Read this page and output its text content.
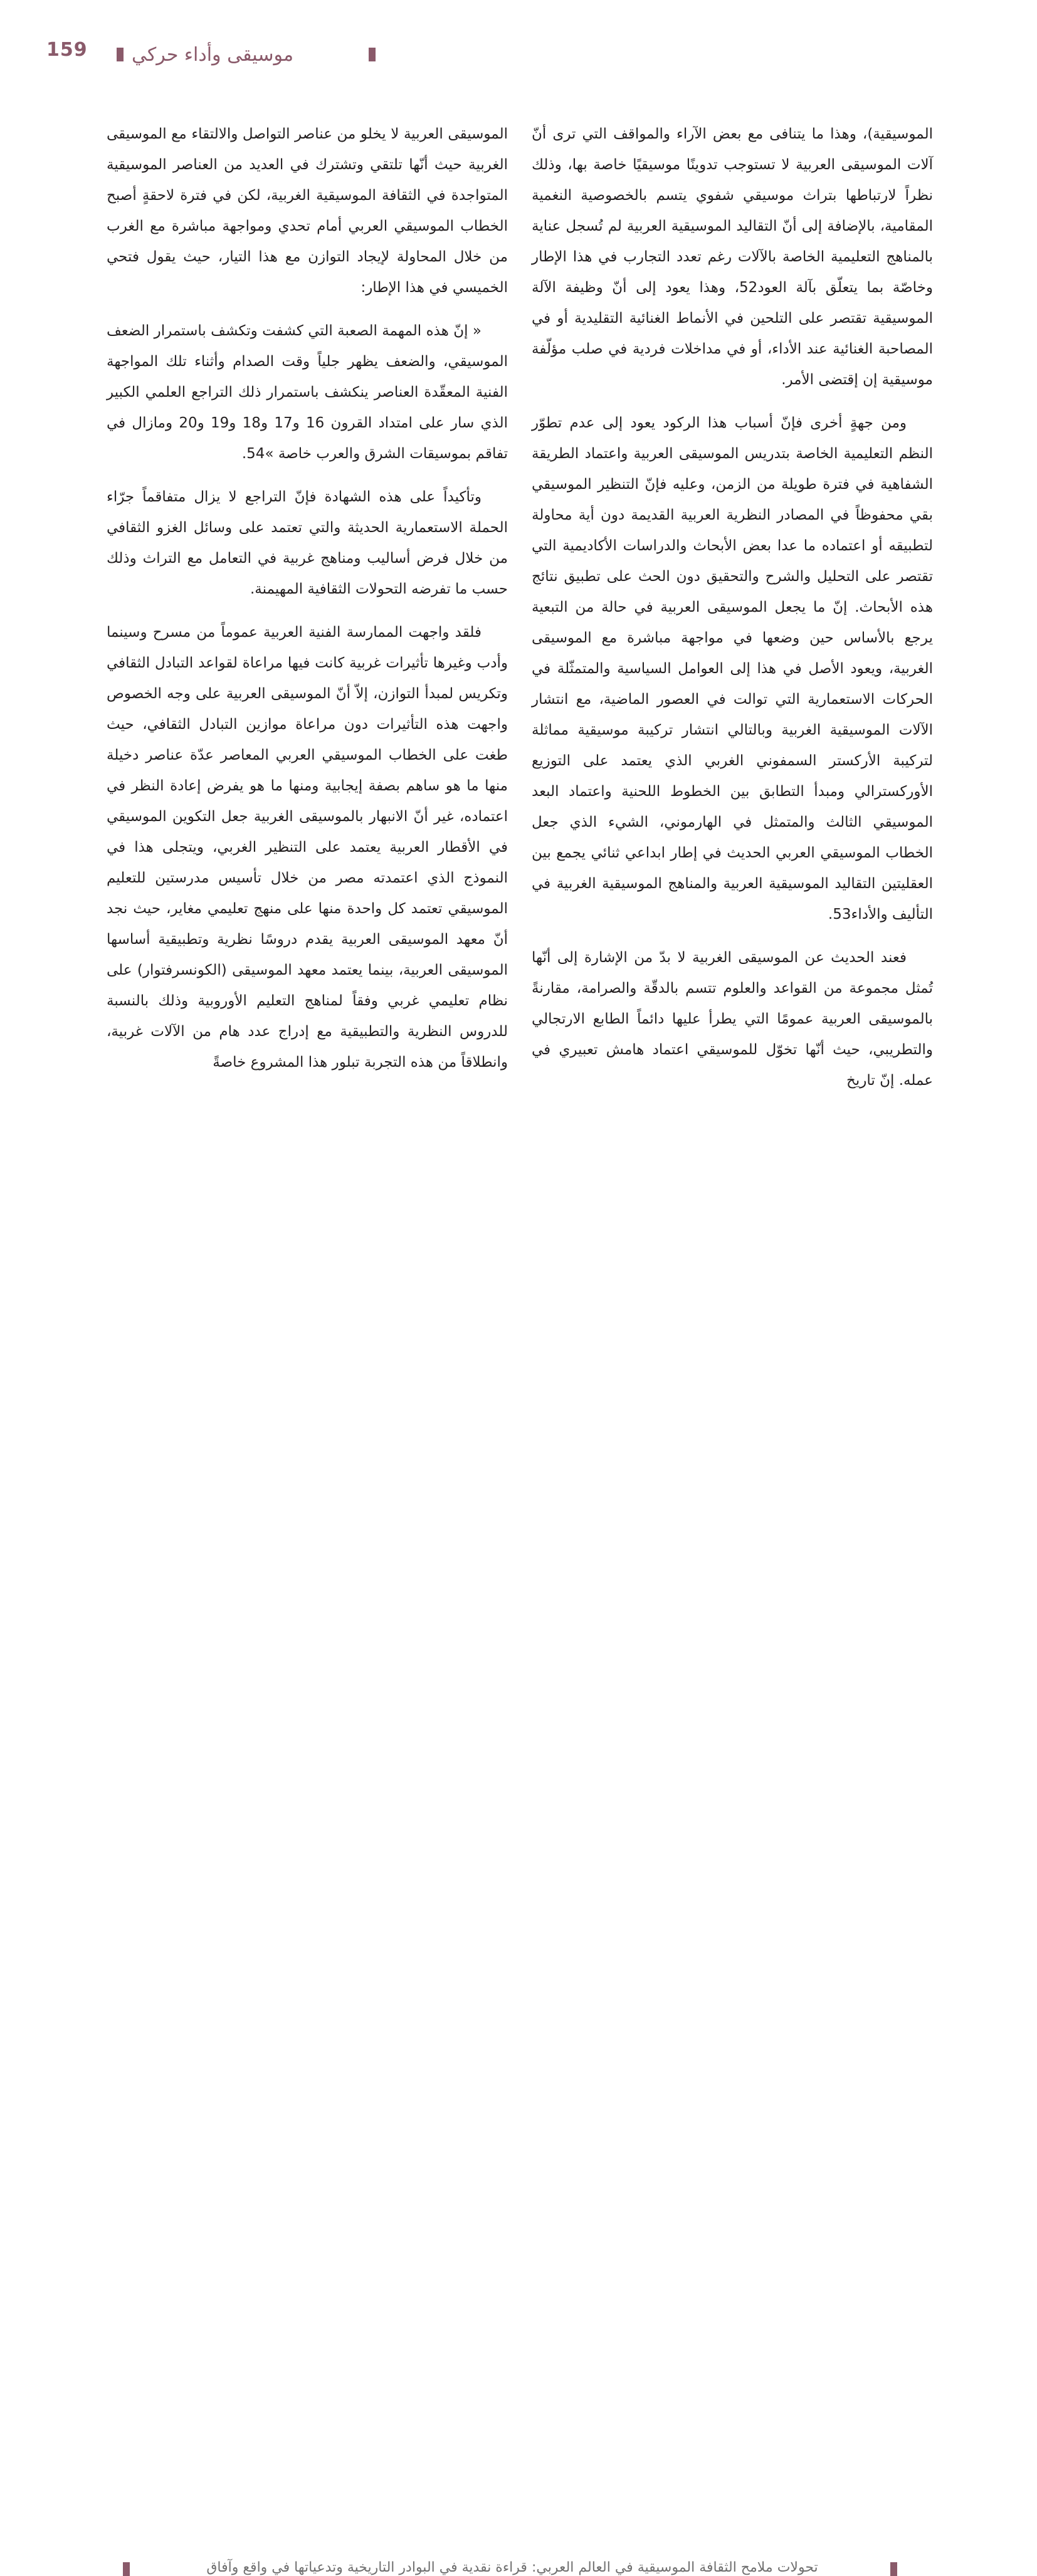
159 موسيقى وأداء حركي

الموسيقية)، وهذا ما يتنافى مع بعض الآراء والمواقف التي ترى أنّ آلات الموسيقى العربية لا تستوجب تدوينًا موسيقيًا خاصة بها، وذلك نظراً لارتباطها بتراث موسيقي شفوي يتسم بالخصوصية النغمية المقامية، بالإضافة إلى أنّ التقاليد الموسيقية العربية لم تُسجل عناية بالمناهج التعليمية الخاصة بالآلات رغم تعدد التجارب في هذا الإطار وخاصّة بما يتعلّق بآلة العود52، وهذا يعود إلى أنّ وظيفة الآلة الموسيقية تقتصر على التلحين في الأنماط الغنائية التقليدية أو في المصاحبة الغنائية عند الأداء، أو في مداخلات فردية في صلب مؤلّفة موسيقية إن إقتضى الأمر.

ومن جهةٍ أخرى فإنّ أسباب هذا الركود يعود إلى عدم تطوّر النظم التعليمية الخاصة بتدريس الموسيقى العربية واعتماد الطريقة الشفاهية في فترة طويلة من الزمن، وعليه فإنّ التنظير الموسيقي بقي محفوظاً في المصادر النظرية العربية القديمة دون أية محاولة لتطبيقه أو اعتماده ما عدا بعض الأبحاث والدراسات الأكاديمية التي تقتصر على التحليل والشرح والتحقيق دون الحث على تطبيق نتائج هذه الأبحاث. إنّ ما يجعل الموسيقى العربية في حالة من التبعية يرجع بالأساس حين وضعها في مواجهة مباشرة مع الموسيقى الغربية، ويعود الأصل في هذا إلى العوامل السياسية والمتمثّلة في الحركات الاستعمارية التي توالت في العصور الماضية، مع انتشار الآلات الموسيقية الغربية وبالتالي انتشار تركيبة موسيقية مماثلة لتركيبة الأركستر السمفوني الغربي الذي يعتمد على التوزيع الأوركسترالي ومبدأ التطابق بين الخطوط اللحنية واعتماد البعد الموسيقي الثالث والمتمثل في الهارموني، الشيء الذي جعل الخطاب الموسيقي العربي الحديث في إطار ابداعي ثنائي يجمع بين العقليتين التقاليد الموسيقية العربية والمناهج الموسيقية الغربية في التأليف والأداء53.

فعند الحديث عن الموسيقى الغربية لا بدّ من الإشارة إلى أنّها تُمثل مجموعة من القواعد والعلوم تتسم بالدقّة والصرامة، مقارنةً بالموسيقى العربية عمومًا التي يطرأ عليها دائماً الطابع الارتجالي والتطريبي، حيث أنّها تخوّل للموسيقي اعتماد هامش تعبيري في عمله. إنّ تاريخ

الموسيقى العربية لا يخلو من عناصر التواصل والالتقاء مع الموسيقى الغربية حيث أنّها تلتقي وتشترك في العديد من العناصر الموسيقية المتواجدة في الثقافة الموسيقية الغربية، لكن في فترة لاحقةٍ أصبح الخطاب الموسيقي العربي أمام تحدي ومواجهة مباشرة مع الغرب من خلال المحاولة لإيجاد التوازن مع هذا التيار، حيث يقول فتحي الخميسي في هذا الإطار:

« إنّ هذه المهمة الصعبة التي كشفت وتكشف باستمرار الضعف الموسيقي، والضعف يظهر جلياً وقت الصدام وأثناء تلك المواجهة الفنية المعقّدة العناصر ينكشف باستمرار ذلك التراجع العلمي الكبير الذي سار على امتداد القرون 16 و17 و18 و19 و20 ومازال في تفاقم بموسيقات الشرق والعرب خاصة »54.

وتأكيداً على هذه الشهادة فإنّ التراجع لا يزال متفاقماً جرّاء الحملة الاستعمارية الحديثة والتي تعتمد على وسائل الغزو الثقافي من خلال فرض أساليب ومناهج غربية في التعامل مع التراث وذلك حسب ما تفرضه التحولات الثقافية المهيمنة.

فلقد واجهت الممارسة الفنية العربية عموماً من مسرح وسينما وأدب وغيرها تأثيرات غربية كانت فيها مراعاة لقواعد التبادل الثقافي وتكريس لمبدأ التوازن، إلاّ أنّ الموسيقى العربية على وجه الخصوص واجهت هذه التأثيرات دون مراعاة موازين التبادل الثقافي، حيث طغت على الخطاب الموسيقي العربي المعاصر عدّة عناصر دخيلة منها ما هو ساهم بصفة إيجابية ومنها ما هو يفرض إعادة النظر في اعتماده، غير أنّ الانبهار بالموسيقى الغربية جعل التكوين الموسيقي في الأقطار العربية يعتمد على التنظير الغربي، ويتجلى هذا في النموذج الذي اعتمدته مصر من خلال تأسيس مدرستين للتعليم الموسيقي تعتمد كل واحدة منها على منهج تعليمي مغاير، حيث نجد أنّ معهد الموسيقى العربية يقدم دروسًا نظرية وتطبيقية أساسها الموسيقى العربية، بينما يعتمد معهد الموسيقى (الكونسرفتوار) على نظام تعليمي غربي وفقاً لمناهج التعليم الأوروبية وذلك بالنسبة للدروس النظرية والتطبيقية مع إدراج عدد هام من الآلات غربية، وانطلاقاً من هذه التجربة تبلور هذا المشروع خاصةً

تحولات ملامح الثقافة الموسيقية في العالم العربي: قراءة نقدية في البوادر التاريخية وتدعياتها في واقع وآفاق
